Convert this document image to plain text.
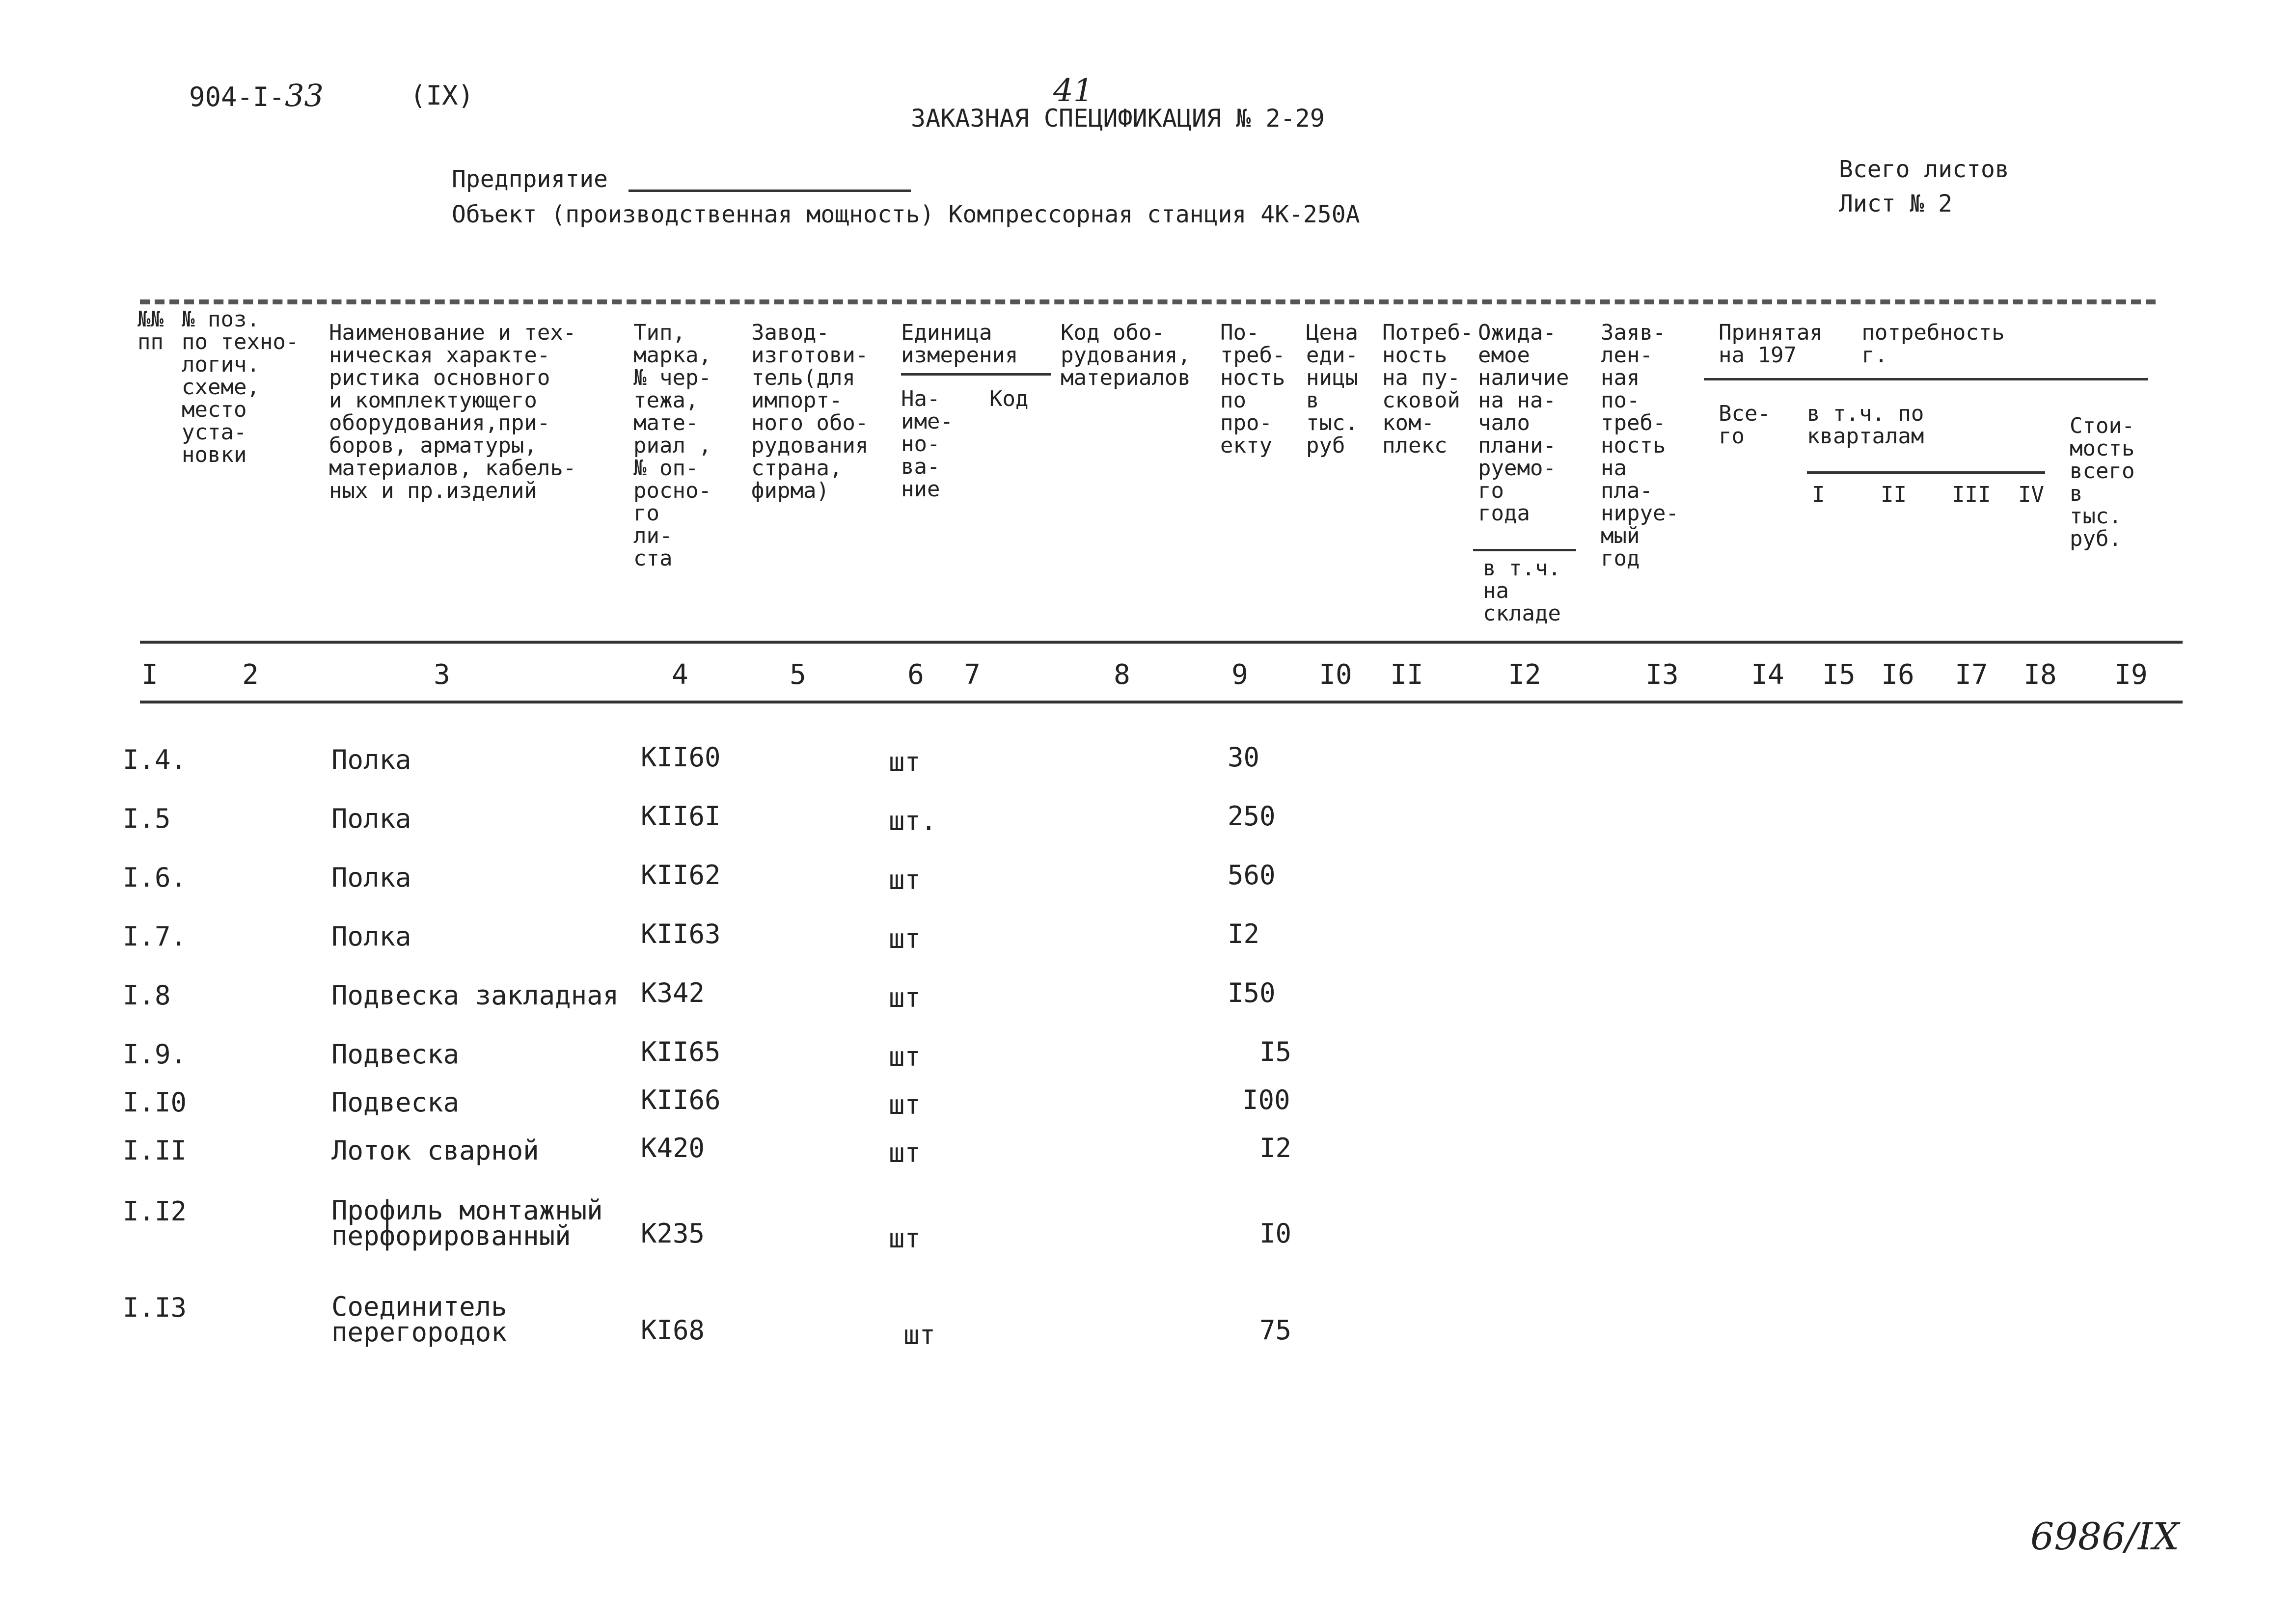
904-I-33	(IX)	41
ЗАКАЗНАЯ СПЕЦИФИКАЦИЯ № 2-29
Предприятие
Объект (производственная мощность) Компрессорная станция 4К-250А
Всего листов
Лист № 2
№№
пп
№ поз.
по техно-
логич.
схеме,
место
уста-
новки
Наименование и тех-
ническая характе-
ристика основного
и комплектующего
оборудования,при-
боров, арматуры,
материалов, кабель-
ных и пр.изделий
Тип,
марка,
№ чер-
тежа,
мате-
риал ,
№ оп-
росно-
го
ли-
ста
Завод-
изготови-
тель(для
импорт-
ного обо-
рудования
страна,
фирма)
Единица
измерения
На-
име-
но-
ва-
ние
Код
Код обо-
рудования,
материалов
По-
треб-
ность
по
про-
екту
Цена
еди-
ницы
в
тыс.
руб
Потреб-
ность
на пу-
сковой
ком-
плекс
Ожида-
емое
наличие
на на-
чало
плани-
руемо-
го
года
в т.ч.
на
складе
Заяв-
лен-
ная
по-
треб-
ность
на
пла-
нируе-
мый
год
Принятая   потребность
на 197     г.
Все-
го
в т.ч. по
кварталам
I	II III IV
Стои-
мость
всего
в
тыс.
руб.
I	2	3	4	5	6	7	8	9	I0 II	I2	I3	I4 I5 I6 I7 I8 I9
I.4.	Полка	КII60	шт	30
I.5	Полка	КII6I	шт.	250
I.6.	Полка	КII62	шт	560
I.7.	Полка	КII63	шт	I2
I.8	Подвеска закладная К342	шт	I50
I.9.	Подвеска	КII65	шт	I5
I.I0	Подвеска	КII66	шт	I00
I.II	Лоток сварной	К420	шт	I2
I.I2	Профиль монтажный
перфорированный	К235	шт	I0
I.I3	Соединитель
перегородок	КI68	шт	75
6986/IX
